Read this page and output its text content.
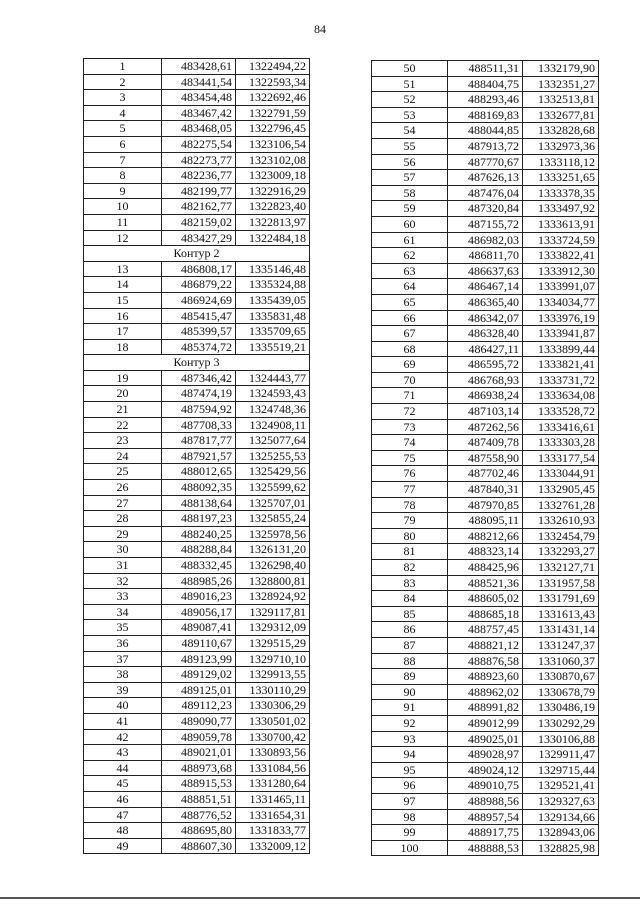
84
1	483428,61	1322494,22
2	483441,54	1322593,34
3	483454,48	1322692,46
4	483467,42	1322791,59
5	483468,05	1322796,45
6	482275,54	1323106,54
7	482273,77	1323102,08
8	482236,77	1323009,18
9	482199,77	1322916,29
10	482162,77	1322823,40
11	482159,02	1322813,97
12	483427,29	1322484,18
Контур 2		
13	486808,17	1335146,48
14	486879,22	1335324,88
15	486924,69	1335439,05
16	485415,47	1335831,48
17	485399,57	1335709,65
18	485374,72	1335519,21
Контур 3		
19	487346,42	1324443,77
20	487474,19	1324593,43
21	487594,92	1324748,36
22	487708,33	1324908,11
23	487817,77	1325077,64
24	487921,57	1325255,53
25	488012,65	1325429,56
26	488092,35	1325599,62
27	488138,64	1325707,01
28	488197,23	1325855,24
29	488240,25	1325978,56
30	488288,84	1326131,20
31	488332,45	1326298,40
32	488985,26	1328800,81
33	489016,23	1328924,92
34	489056,17	1329117,81
35	489087,41	1329312,09
36	489110,67	1329515,29
37	489123,99	1329710,10
38	489129,02	1329913,55
39	489125,01	1330110,29
40	489112,23	1330306,29
41	489090,77	1330501,02
42	489059,78	1330700,42
43	489021,01	1330893,56
44	488973,68	1331084,56
45	488915,53	1331280,64
46	488851,51	1331465,11
47	488776,52	1331654,31
48	488695,80	1331833,77
49	488607,30	1332009,12
50	488511,31	1332179,90
51	488404,75	1332351,27
52	488293,46	1332513,81
53	488169,83	1332677,81
54	488044,85	1332828,68
55	487913,72	1332973,36
56	487770,67	1333118,12
57	487626,13	1333251,65
58	487476,04	1333378,35
59	487320,84	1333497,92
60	487155,72	1333613,91
61	486982,03	1333724,59
62	486811,70	1333822,41
63	486637,63	1333912,30
64	486467,14	1333991,07
65	486365,40	1334034,77
66	486342,07	1333976,19
67	486328,40	1333941,87
68	486427,11	1333899,44
69	486595,72	1333821,41
70	486768,93	1333731,72
71	486938,24	1333634,08
72	487103,14	1333528,72
73	487262,56	1333416,61
74	487409,78	1333303,28
75	487558,90	1333177,54
76	487702,46	1333044,91
77	487840,31	1332905,45
78	487970,85	1332761,28
79	488095,11	1332610,93
80	488212,66	1332454,79
81	488323,14	1332293,27
82	488425,96	1332127,71
83	488521,36	1331957,58
84	488605,02	1331791,69
85	488685,18	1331613,43
86	488757,45	1331431,14
87	488821,12	1331247,37
88	488876,58	1331060,37
89	488923,60	1330870,67
90	488962,02	1330678,79
91	488991,82	1330486,19
92	489012,99	1330292,29
93	489025,01	1330106,88
94	489028,97	1329911,47
95	489024,12	1329715,44
96	489010,75	1329521,41
97	488988,56	1329327,63
98	488957,54	1329134,66
99	488917,75	1328943,06
100	488888,53	1328825,98
